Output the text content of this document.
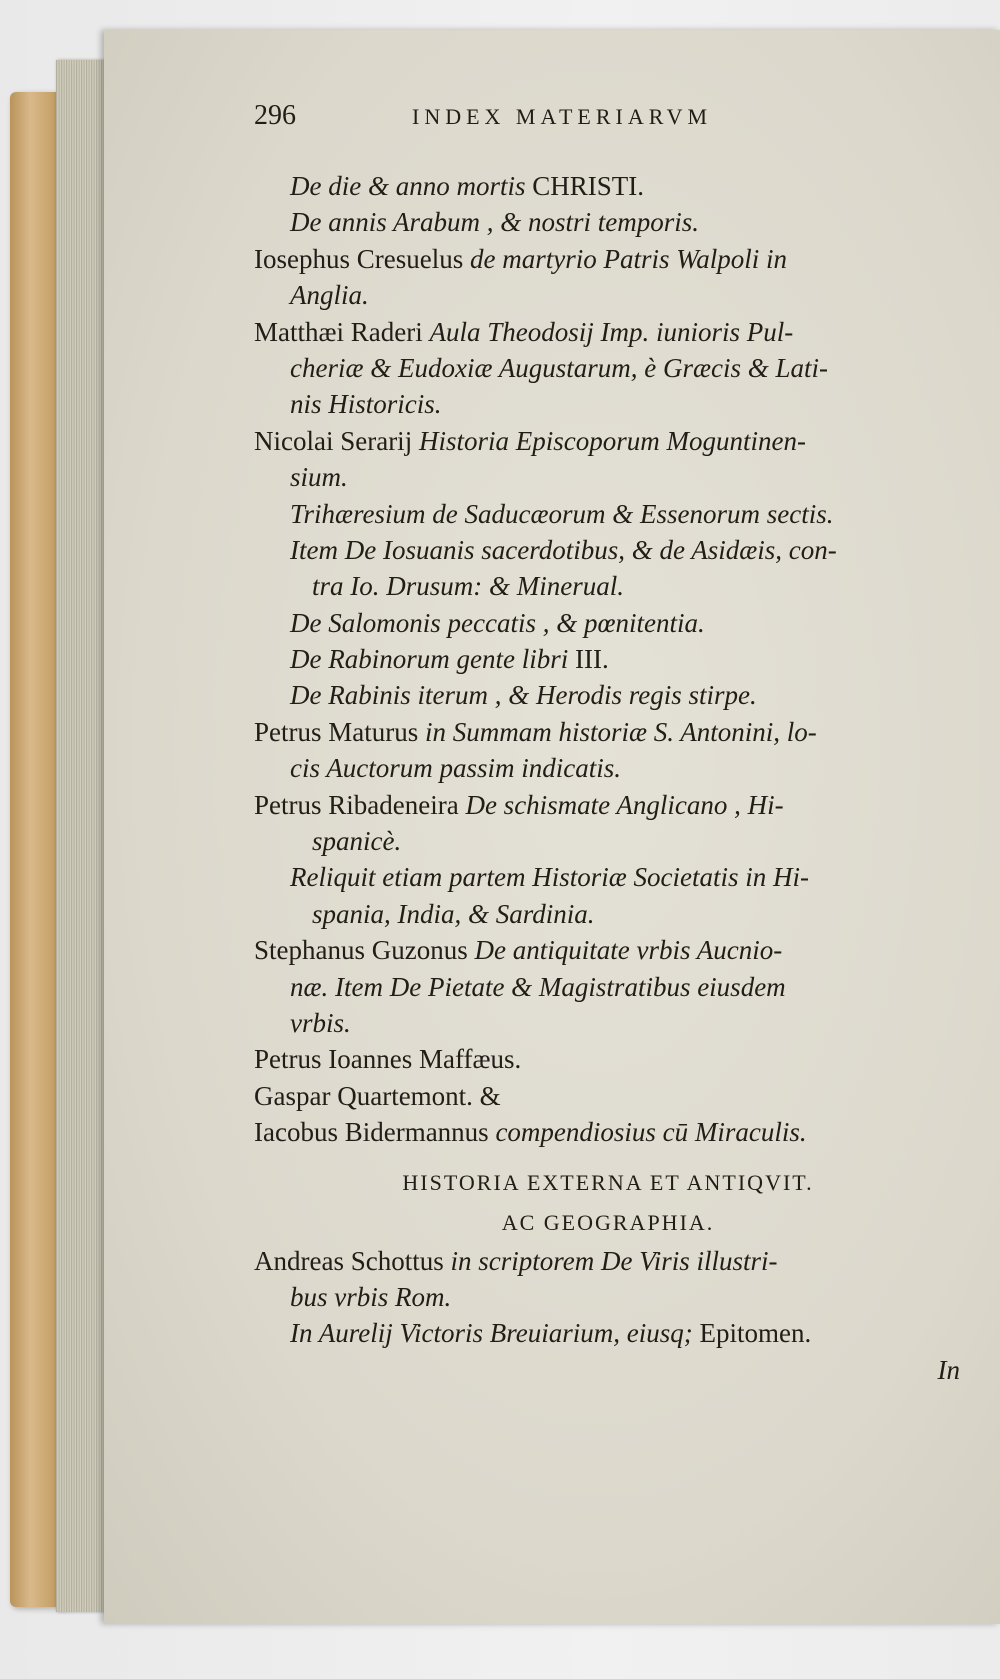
296	INDEX MATERIARVM
De die & anno mortis CHRISTI.
De annis Arabum , & nostri temporis.
Iosephus Cresuelus de martyrio Patris Walpoli in
Anglia.
Matthæi Raderi Aula Theodosij Imp. iunioris Pul-
cheriæ & Eudoxiæ Augustarum, è Græcis & Lati-
nis Historicis.
Nicolai Serarij Historia Episcoporum Moguntinen-
sium.
Trihæresium de Saducæorum & Essenorum sectis.
Item De Iosuanis sacerdotibus, & de Asidæis, con-
tra Io. Drusum: & Minerual.
De Salomonis peccatis , & pœnitentia.
De Rabinorum gente libri III.
De Rabinis iterum , & Herodis regis stirpe.
Petrus Maturus in Summam historiæ S. Antonini, lo-
cis Auctorum passim indicatis.
Petrus Ribadeneira De schismate Anglicano , Hi-
spanicè.
Reliquit etiam partem Historiæ Societatis in Hi-
spania, India, & Sardinia.
Stephanus Guzonus De antiquitate vrbis Aucnio-
næ. Item De Pietate & Magistratibus eiusdem
vrbis.
Petrus Ioannes Maffæus.
Gaspar Quartemont. &
Iacobus Bidermannus compendiosius cū Miraculis.
HISTORIA EXTERNA ET ANTIQVIT.
AC GEOGRAPHIA.
Andreas Schottus in scriptorem De Viris illustri-
bus vrbis Rom.
In Aurelij Victoris Breuiarium, eiusq; Epitomen.
In
